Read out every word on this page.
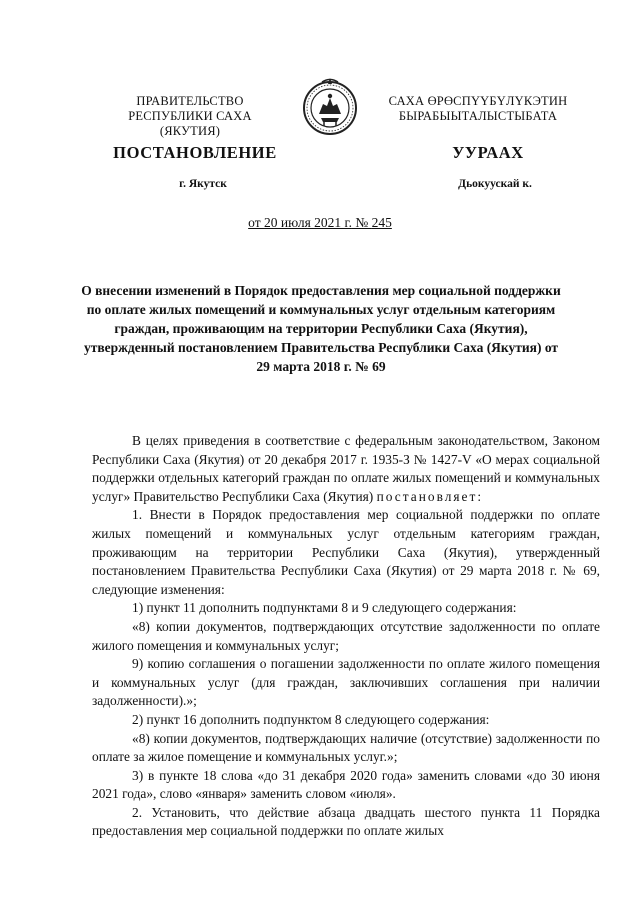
ПРАВИТЕЛЬСТВО
РЕСПУБЛИКИ САХА (ЯКУТИЯ)
САХА ӨРӨСПҮҮБҮЛҮКЭТИН
БЫРАБЫЫТАЛЫСТЫБАТА
ПОСТАНОВЛЕНИЕ	УУРААХ
г. Якутск	Дьокуускай к.
от 20 июля 2021 г. № 245
О внесении изменений в Порядок предоставления мер социальной поддержки по оплате жилых помещений и коммунальных услуг отдельным категориям граждан, проживающим на территории Республики Саха (Якутия), утвержденный постановлением Правительства Республики Саха (Якутия) от 29 марта 2018 г. № 69

В целях приведения в соответствие с федеральным законодательством, Законом Республики Саха (Якутия) от 20 декабря 2017 г. 1935-З № 1427-V «О мерах социальной поддержки отдельных категорий граждан по оплате жилых помещений и коммунальных услуг» Правительство Республики Саха (Якутия) постановляет:

1. Внести в Порядок предоставления мер социальной поддержки по оплате жилых помещений и коммунальных услуг отдельным категориям граждан, проживающим на территории Республики Саха (Якутия), утвержденный постановлением Правительства Республики Саха (Якутия) от 29 марта 2018 г. № 69, следующие изменения:

1) пункт 11 дополнить подпунктами 8 и 9 следующего содержания:

«8) копии документов, подтверждающих отсутствие задолженности по оплате жилого помещения и коммунальных услуг;

9) копию соглашения о погашении задолженности по оплате жилого помещения и коммунальных услуг (для граждан, заключивших соглашения при наличии задолженности).»;

2) пункт 16 дополнить подпунктом 8 следующего содержания:

«8) копии документов, подтверждающих наличие (отсутствие) задолженности по оплате за жилое помещение и коммунальных услуг.»;

3) в пункте 18 слова «до 31 декабря 2020 года» заменить словами «до 30 июня 2021 года», слово «января» заменить словом «июля».

2. Установить, что действие абзаца двадцать шестого пункта 11 Порядка предоставления мер социальной поддержки по оплате жилых
